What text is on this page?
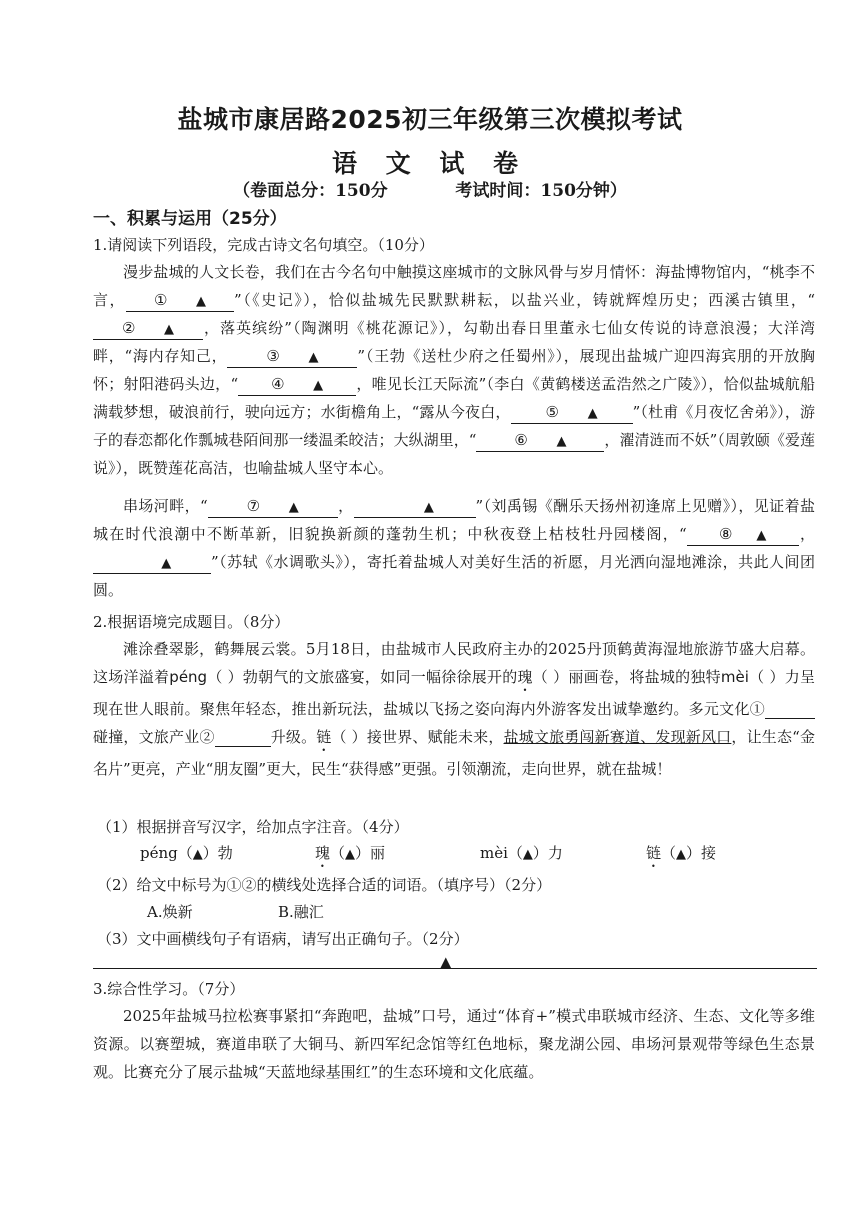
盐城市康居路2025初三年级第三次模拟考试
语 文 试 卷
（卷面总分：150分	考试时间：150分钟）
一、积累与运用（25分）
1.请阅读下列语段，完成古诗文名句填空。（10分）
漫步盐城的人文长卷，我们在古今名句中触摸这座城市的文脉风骨与岁月情怀：海盐博物馆内，“桃李不言， ① ▲ ”（《史记》），恰似盐城先民默默耕耘，以盐兴业，铸就辉煌历史；西溪古镇里，“② ▲ ，落英缤纷”（陶渊明《桃花源记》），勾勒出春日里董永七仙女传说的诗意浪漫；大洋湾畔，“海内存知己，	③ ▲	”（王勃《送杜少府之任蜀州》），展现出盐城广迎四海宾朋的开放胸怀；射阳港码头边，“ ④ ▲ ，唯见长江天际流”（李白《黄鹤楼送孟浩然之广陵》），恰似盐城航船满载梦想，破浪前行，驶向远方；水街檐角上，“露从今夜白， ⑤ ▲ ”（杜甫《月夜忆舍弟》），游子的春恋都化作瓢城巷陌间那一缕温柔皎洁；大纵湖里，“	⑥ ▲	，濯清涟而不妖”（周敦颐《爱莲说》），既赞莲花高洁，也喻盐城人坚守本心。
串场河畔，“	⑦ ▲	，	▲	”（刘禹锡《酬乐天扬州初逢席上见赠》），见证着盐城在时代浪潮中不断革新，旧貌换新颜的蓬勃生机；中秋夜登上枯枝牡丹园楼阁，“ ⑧ ▲ ，      ▲	”（苏轼《水调歌头》），寄托着盐城人对美好生活的祈愿，月光洒向湿地滩涂，共此人间团圆。
2.根据语境完成题目。（8分）
滩涂叠翠影，鹤舞展云裳。5月18日，由盐城市人民政府主办的2025丹顶鹤黄海湿地旅游节盛大启幕。这场洋溢着péng（ ）勃朝气的文旅盛宴，如同一幅徐徐展开的瑰（ ）丽画卷，将盐城的独特mèi（ ）力呈现在世人眼前。聚焦年轻态，推出新玩法，盐城以飞扬之姿向海内外游客发出诚挚邀约。多元文化① 碰撞，文旅产业②	升级。链（ ）接世界、赋能未来，盐城文旅勇闯新赛道、发现新风口，让生态“金名片”更亮，产业“朋友圈”更大，民生“获得感”更强。引领潮流，走向世界，就在盐城！
（1）根据拼音写汉字，给加点字注音。（4分）
péng（▲）勃	瑰（▲）丽	mèi（▲）力	链（▲）接
（2）给文中标号为①②的横线处选择合适的词语。（填序号）（2分）
A.焕新	B.融汇
（3）文中画横线句子有语病，请写出正确句子。（2分）
▲
3.综合性学习。（7分）
2025年盐城马拉松赛事紧扣“奔跑吧，盐城”口号，通过“体育+”模式串联城市经济、生态、文化等多维资源。以赛塑城，赛道串联了大铜马、新四军纪念馆等红色地标，聚龙湖公园、串场河景观带等绿色生态景观。比赛充分了展示盐城“天蓝地绿基围红”的生态环境和文化底蕴。
